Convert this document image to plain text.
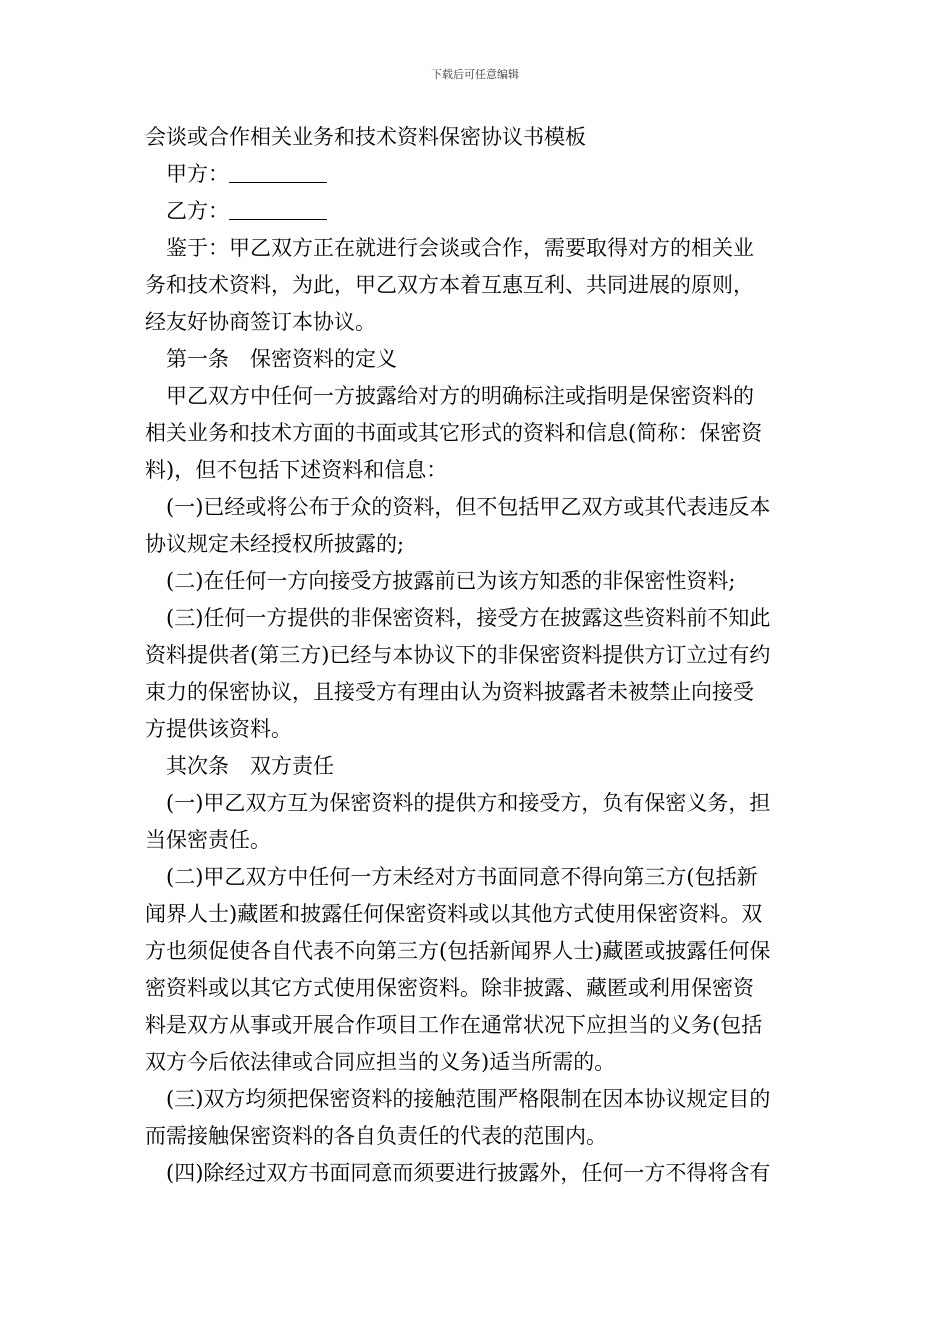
下载后可任意编辑

会谈或合作相关业务和技术资料保密协议书模板

甲方：

乙方：

鉴于：甲乙双方正在就进行会谈或合作，需要取得对方的相关业
务和技术资料，为此，甲乙双方本着互惠互利、共同进展的原则，
经友好协商签订本协议。

第一条　保密资料的定义

甲乙双方中任何一方披露给对方的明确标注或指明是保密资料的
相关业务和技术方面的书面或其它形式的资料和信息(简称：保密资
料)，但不包括下述资料和信息：

(一)已经或将公布于众的资料，但不包括甲乙双方或其代表违反本
协议规定未经授权所披露的;

(二)在任何一方向接受方披露前已为该方知悉的非保密性资料;

(三)任何一方提供的非保密资料，接受方在披露这些资料前不知此
资料提供者(第三方)已经与本协议下的非保密资料提供方订立过有约
束力的保密协议，且接受方有理由认为资料披露者未被禁止向接受
方提供该资料。

其次条　双方责任

(一)甲乙双方互为保密资料的提供方和接受方，负有保密义务，担
当保密责任。

(二)甲乙双方中任何一方未经对方书面同意不得向第三方(包括新
闻界人士)藏匿和披露任何保密资料或以其他方式使用保密资料。双
方也须促使各自代表不向第三方(包括新闻界人士)藏匿或披露任何保
密资料或以其它方式使用保密资料。除非披露、藏匿或利用保密资
料是双方从事或开展合作项目工作在通常状况下应担当的义务(包括
双方今后依法律或合同应担当的义务)适当所需的。

(三)双方均须把保密资料的接触范围严格限制在因本协议规定目的
而需接触保密资料的各自负责任的代表的范围内。

(四)除经过双方书面同意而须要进行披露外，任何一方不得将含有
